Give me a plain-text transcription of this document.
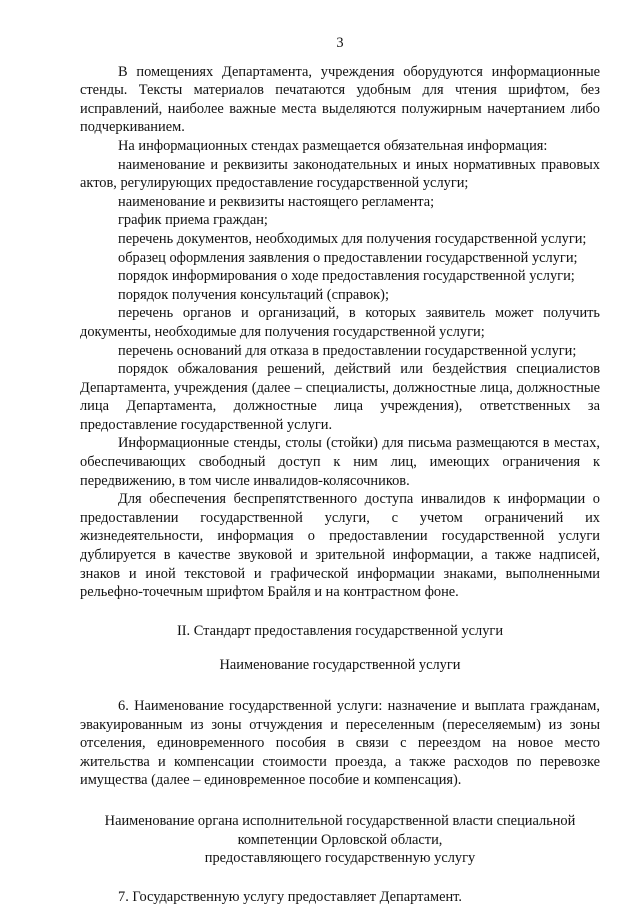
3

В помещениях Департамента, учреждения оборудуются информационные стенды. Тексты материалов печатаются удобным для чтения шрифтом, без исправлений, наиболее важные места выделяются полужирным начертанием либо подчеркиванием.

На информационных стендах размещается обязательная информация:

наименование и реквизиты законодательных и иных нормативных правовых актов, регулирующих предоставление государственной услуги;

наименование и реквизиты настоящего регламента;

график приема граждан;

перечень документов, необходимых для получения государственной услуги;

образец оформления заявления о предоставлении государственной услуги;

порядок информирования о ходе предоставления государственной услуги;

порядок получения консультаций (справок);

перечень органов и организаций, в которых заявитель может получить документы, необходимые для получения государственной услуги;

перечень оснований для отказа в предоставлении государственной услуги;

порядок обжалования решений, действий или бездействия специалистов Департамента, учреждения (далее – специалисты, должностные лица, должностные лица Департамента, должностные лица учреждения), ответственных за предоставление государственной услуги.

Информационные стенды, столы (стойки) для письма размещаются в местах, обеспечивающих свободный доступ к ним лиц, имеющих ограничения к передвижению, в том числе инвалидов-колясочников.

Для обеспечения беспрепятственного доступа инвалидов к информации о предоставлении государственной услуги, с учетом ограничений их жизнедеятельности, информация о предоставлении государственной услуги дублируется в качестве звуковой и зрительной информации, а также надписей, знаков и иной текстовой и графической информации знаками, выполненными рельефно-точечным шрифтом Брайля и на контрастном фоне.

II. Стандарт предоставления государственной услуги
Наименование государственной услуги

6. Наименование государственной услуги: назначение и выплата гражданам, эвакуированным из зоны отчуждения и переселенным (переселяемым) из зоны отселения, единовременного пособия в связи с переездом на новое место жительства и компенсации стоимости проезда, а также расходов по перевозке имущества (далее – единовременное пособие и компенсация).

Наименование органа исполнительной государственной власти специальной
компетенции Орловской области,
предоставляющего государственную услугу

7. Государственную услугу предоставляет Департамент.
